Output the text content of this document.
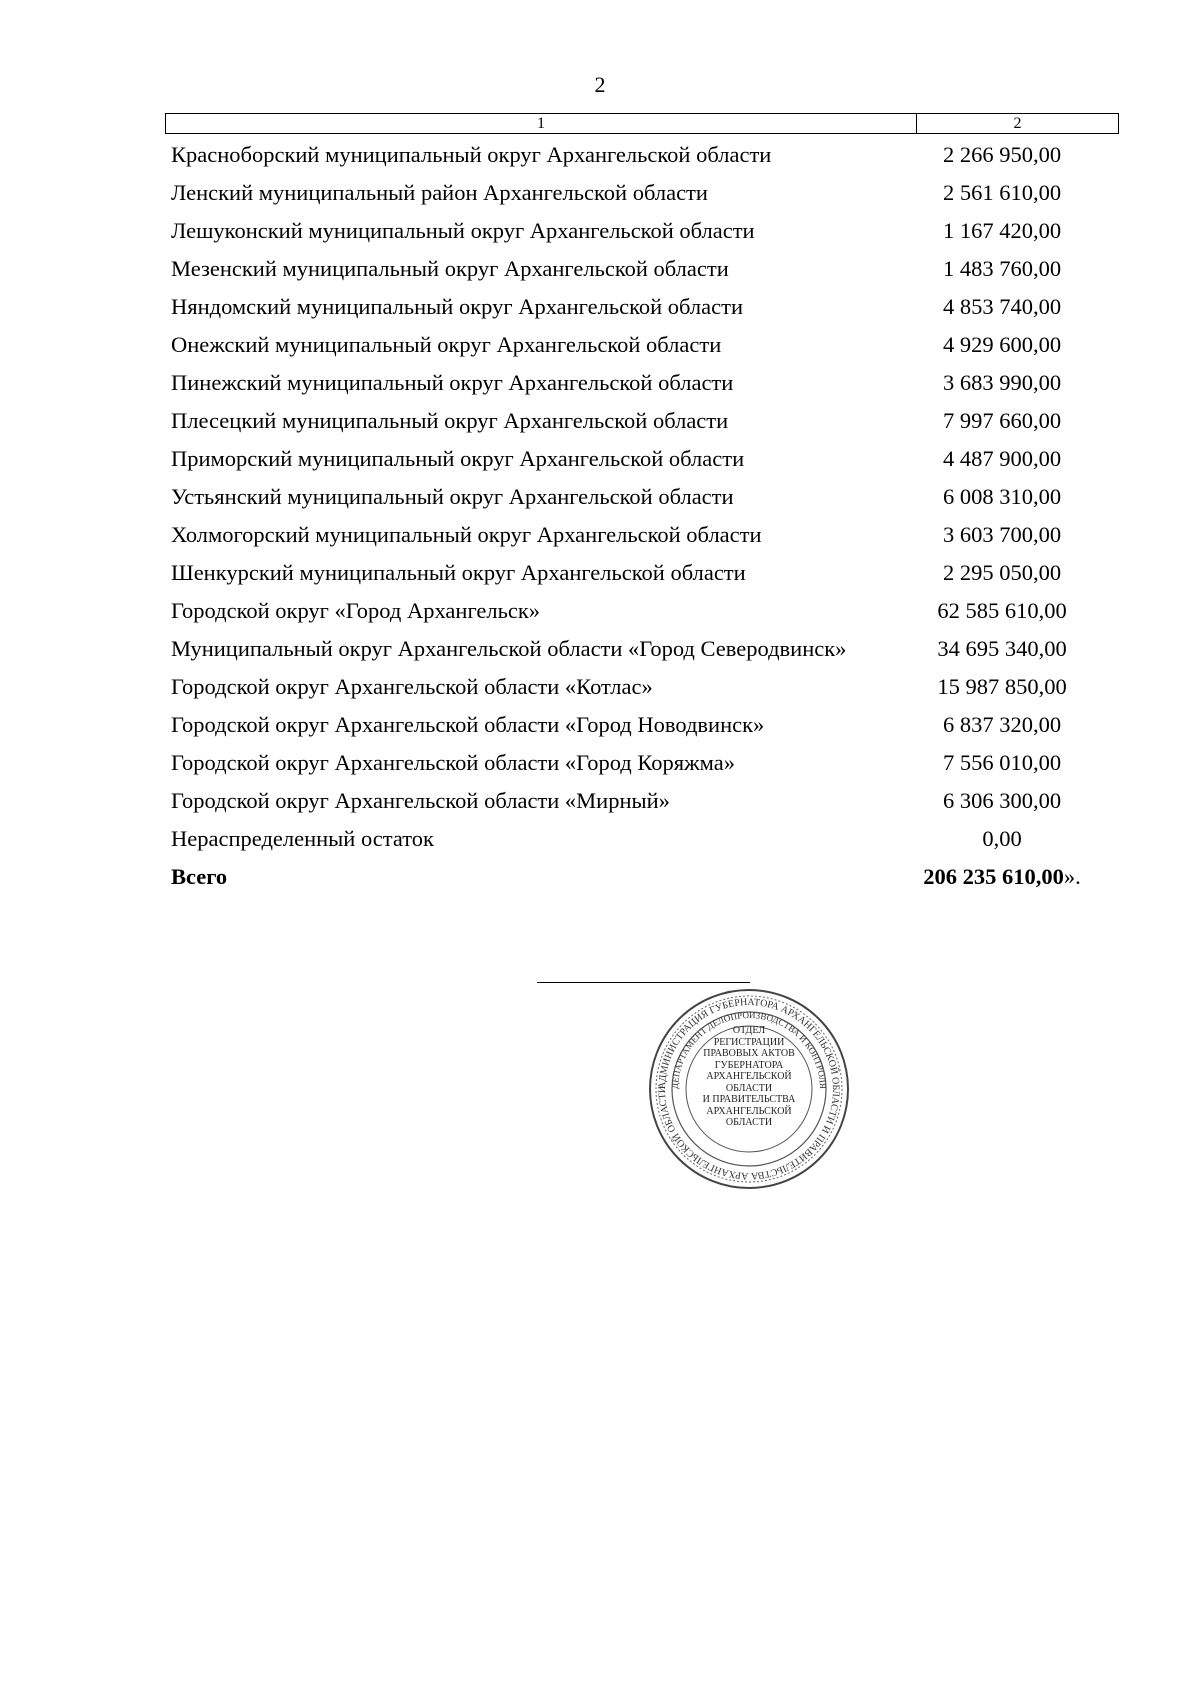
2
1	2
Красноборский муниципальный округ Архангельской области	2 266 950,00
Ленский муниципальный район Архангельской области	2 561 610,00
Лешуконский муниципальный округ Архангельской области	1 167 420,00
Мезенский муниципальный округ Архангельской области	1 483 760,00
Няндомский муниципальный округ Архангельской области	4 853 740,00
Онежский муниципальный округ Архангельской области	4 929 600,00
Пинежский муниципальный округ Архангельской области	3 683 990,00
Плесецкий муниципальный округ Архангельской области	7 997 660,00
Приморский муниципальный округ Архангельской области	4 487 900,00
Устьянский муниципальный округ Архангельской области	6 008 310,00
Холмогорский муниципальный округ Архангельской области	3 603 700,00
Шенкурский муниципальный округ Архангельской области	2 295 050,00
Городской округ «Город Архангельск»	62 585 610,00
Муниципальный округ Архангельской области «Город Северодвинск»	34 695 340,00
Городской округ Архангельской области «Котлас»	15 987 850,00
Городской округ Архангельской области «Город Новодвинск»	6 837 320,00
Городской округ Архангельской области «Город Коряжма»	7 556 010,00
Городской округ Архангельской области «Мирный»	6 306 300,00
Нераспределенный остаток	0,00
Всего	206 235 610,00».
АДМИНИСТРАЦИЯ ГУБЕРНАТОРА АРХАНГЕЛЬСКОЙ ОБЛАСТИ И ПРАВИТЕЛЬСТВА АРХАНГЕЛЬСКОЙ ОБЛАСТИ
ДЕПАРТАМЕНТ ДЕЛОПРОИЗВОДСТВА И КОНТРОЛЯ
ОТДЕЛ
РЕГИСТРАЦИИ
ПРАВОВЫХ АКТОВ
ГУБЕРНАТОРА
АРХАНГЕЛЬСКОЙ
ОБЛАСТИ
И ПРАВИТЕЛЬСТВА
АРХАНГЕЛЬСКОЙ
ОБЛАСТИ
